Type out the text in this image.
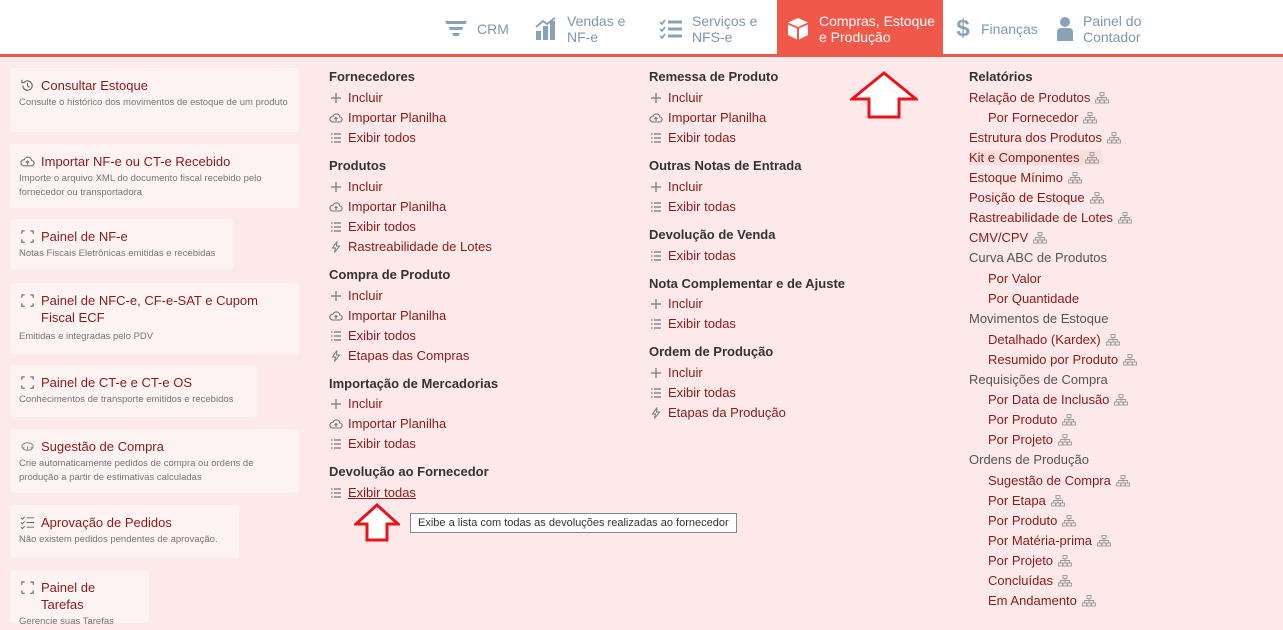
CRM	Vendas e
NF-e
Serviços e
NFS-e
Compras, Estoque
e Produção	$ Finanças	Painel do
Contador
Consultar Estoque
Consulte o histórico dos movimentos de estoque de um produto
Importar NF-e ou CT-e Recebido
Importe o arquivo XML do documento fiscal recebido pelo fornecedor ou transportadora
Painel de NF-e
Notas Fiscais Eletrônicas emitidas e recebidas
Painel de NFC-e, CF-e-SAT e Cupom Fiscal ECF
Emitidas e integradas pelo PDV
Painel de CT-e e CT-e OS
Conhecimentos de transporte emitidos e recebidos
Sugestão de Compra
Crie automaticamente pedidos de compra ou ordens de produção a partir de estimativas calculadas
Aprovação de Pedidos
Não existem pedidos pendentes de aprovação.
Painel de Tarefas
Gerencie suas Tarefas
Fornecedores
Incluir
Importar Planilha
Exibir todos
Produtos
Incluir
Importar Planilha
Exibir todos
Rastreabilidade de Lotes
Compra de Produto
Incluir
Importar Planilha
Exibir todos
Etapas das Compras
Importação de Mercadorias
Incluir
Importar Planilha
Exibir todas
Devolução ao Fornecedor
Exibir todas
Exibe a lista com todas as devoluções realizadas ao fornecedor
Remessa de Produto
Incluir
Importar Planilha
Exibir todas
Outras Notas de Entrada
Incluir
Exibir todas
Devolução de Venda
Exibir todas
Nota Complementar e de Ajuste
Incluir
Exibir todas
Ordem de Produção
Incluir
Exibir todas
Etapas da Produção
Relatórios
Relação de Produtos
Por Fornecedor
Estrutura dos Produtos
Kit e Componentes
Estoque Mínimo
Posição de Estoque
Rastreabilidade de Lotes
CMV/CPV
Curva ABC de Produtos
Por Valor
Por Quantidade
Movimentos de Estoque
Detalhado (Kardex)
Resumido por Produto
Requisições de Compra
Por Data de Inclusão
Por Produto
Por Projeto
Ordens de Produção
Sugestão de Compra
Por Etapa
Por Produto
Por Matéria-prima
Por Projeto
Concluídas
Em Andamento
